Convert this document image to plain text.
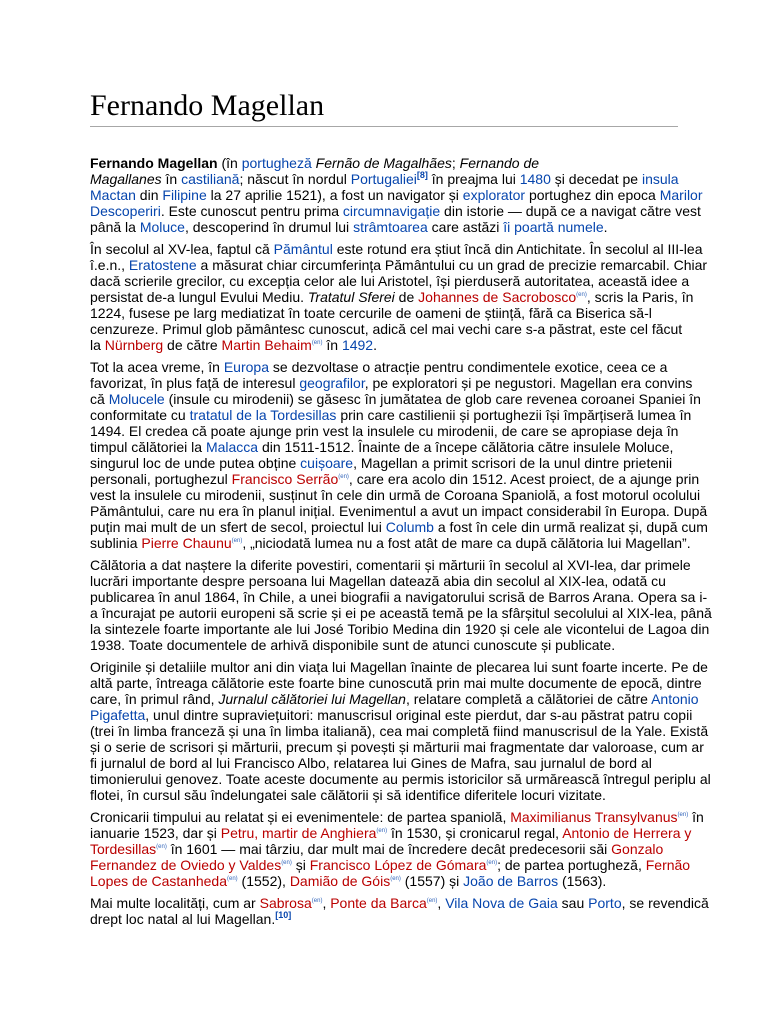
Fernando Magellan

Fernando Magellan (în portugheză Fernão de Magalhães; Fernando de
Magallanes în castiliană; născut în nordul Portugaliei[8] în preajma lui 1480 și decedat pe insula
Mactan din Filipine la 27 aprilie 1521), a fost un navigator și explorator portughez din epoca Marilor
Descoperiri. Este cunoscut pentru prima circumnavigație din istorie — după ce a navigat către vest
până la Moluce, descoperind în drumul lui strâmtoarea care astăzi îi poartă numele.

În secolul al XV-lea, faptul că Pământul este rotund era știut încă din Antichitate. În secolul al III-lea
î.e.n., Eratostene a măsurat chiar circumferința Pământului cu un grad de precizie remarcabil. Chiar
dacă scrierile grecilor, cu excepția celor ale lui Aristotel, își pierduseră autoritatea, această idee a
persistat de-a lungul Evului Mediu. Tratatul Sferei de Johannes de Sacrobosco$^{(en)}$, scris la Paris, în
1224, fusese pe larg mediatizat în toate cercurile de oameni de știință, fără ca Biserica să-l
cenzureze. Primul glob pământesc cunoscut, adică cel mai vechi care s-a păstrat, este cel făcut
la Nürnberg de către Martin Behaim$^{(en)}$ în 1492.

Tot la acea vreme, în Europa se dezvoltase o atracție pentru condimentele exotice, ceea ce a
favorizat, în plus față de interesul geografilor, pe exploratori și pe negustori. Magellan era convins
că Molucele (insule cu mirodenii) se găsesc în jumătatea de glob care revenea coroanei Spaniei în
conformitate cu tratatul de la Tordesillas prin care castilienii și portughezii își împărțiseră lumea în
1494. El credea că poate ajunge prin vest la insulele cu mirodenii, de care se apropiase deja în
timpul călătoriei la Malacca din 1511-1512. Înainte de a începe călătoria către insulele Moluce,
singurul loc de unde putea obține cuișoare, Magellan a primit scrisori de la unul dintre prietenii
personali, portughezul Francisco Serrão$^{(en)}$, care era acolo din 1512. Acest proiect, de a ajunge prin
vest la insulele cu mirodenii, susținut în cele din urmă de Coroana Spaniolă, a fost motorul ocolului
Pământului, care nu era în planul inițial. Evenimentul a avut un impact considerabil în Europa. După
puțin mai mult de un sfert de secol, proiectul lui Columb a fost în cele din urmă realizat și, după cum
sublinia Pierre Chaunu$^{(en)}$, „niciodată lumea nu a fost atât de mare ca după călătoria lui Magellan”.

Călătoria a dat naștere la diferite povestiri, comentarii și mărturii în secolul al XVI-lea, dar primele
lucrări importante despre persoana lui Magellan datează abia din secolul al XIX-lea, odată cu
publicarea în anul 1864, în Chile, a unei biografii a navigatorului scrisă de Barros Arana. Opera sa i-
a încurajat pe autorii europeni să scrie și ei pe această temă pe la sfârșitul secolului al XIX-lea, până
la sintezele foarte importante ale lui José Toribio Medina din 1920 și cele ale vicontelui de Lagoa din
1938. Toate documentele de arhivă disponibile sunt de atunci cunoscute și publicate.

Originile și detaliile multor ani din viața lui Magellan înainte de plecarea lui sunt foarte incerte. Pe de
altă parte, întreaga călătorie este foarte bine cunoscută prin mai multe documente de epocă, dintre
care, în primul rând, Jurnalul călătoriei lui Magellan, relatare completă a călătoriei de către Antonio
Pigafetta, unul dintre supraviețuitori: manuscrisul original este pierdut, dar s-au păstrat patru copii
(trei în limba franceză și una în limba italiană), cea mai completă fiind manuscrisul de la Yale. Există
și o serie de scrisori și mărturii, precum și povești și mărturii mai fragmentate dar valoroase, cum ar
fi jurnalul de bord al lui Francisco Albo, relatarea lui Gines de Mafra, sau jurnalul de bord al
timonierului genovez. Toate aceste documente au permis istoricilor să urmărească întregul periplu al
flotei, în cursul său îndelungatei sale călătorii și să identifice diferitele locuri vizitate.

Cronicarii timpului au relatat și ei evenimentele: de partea spaniolă, Maximilianus Transylvanus$^{(en)}$ în
ianuarie 1523, dar și Petru, martir de Anghiera$^{(en)}$ în 1530, și cronicarul regal, Antonio de Herrera y
Tordesillas$^{(en)}$ în 1601 — mai târziu, dar mult mai de încredere decât predecesorii săi Gonzalo
Fernandez de Oviedo y Valdes$^{(en)}$ și Francisco López de Gómara$^{(en)}$; de partea portugheză, Fernão
Lopes de Castanheda$^{(en)}$ (1552), Damião de Góis$^{(en)}$ (1557) și João de Barros (1563).

Mai multe localități, cum ar Sabrosa$^{(en)}$, Ponte da Barca$^{(en)}$, Vila Nova de Gaia sau Porto, se revendică
drept loc natal al lui Magellan.[10]
